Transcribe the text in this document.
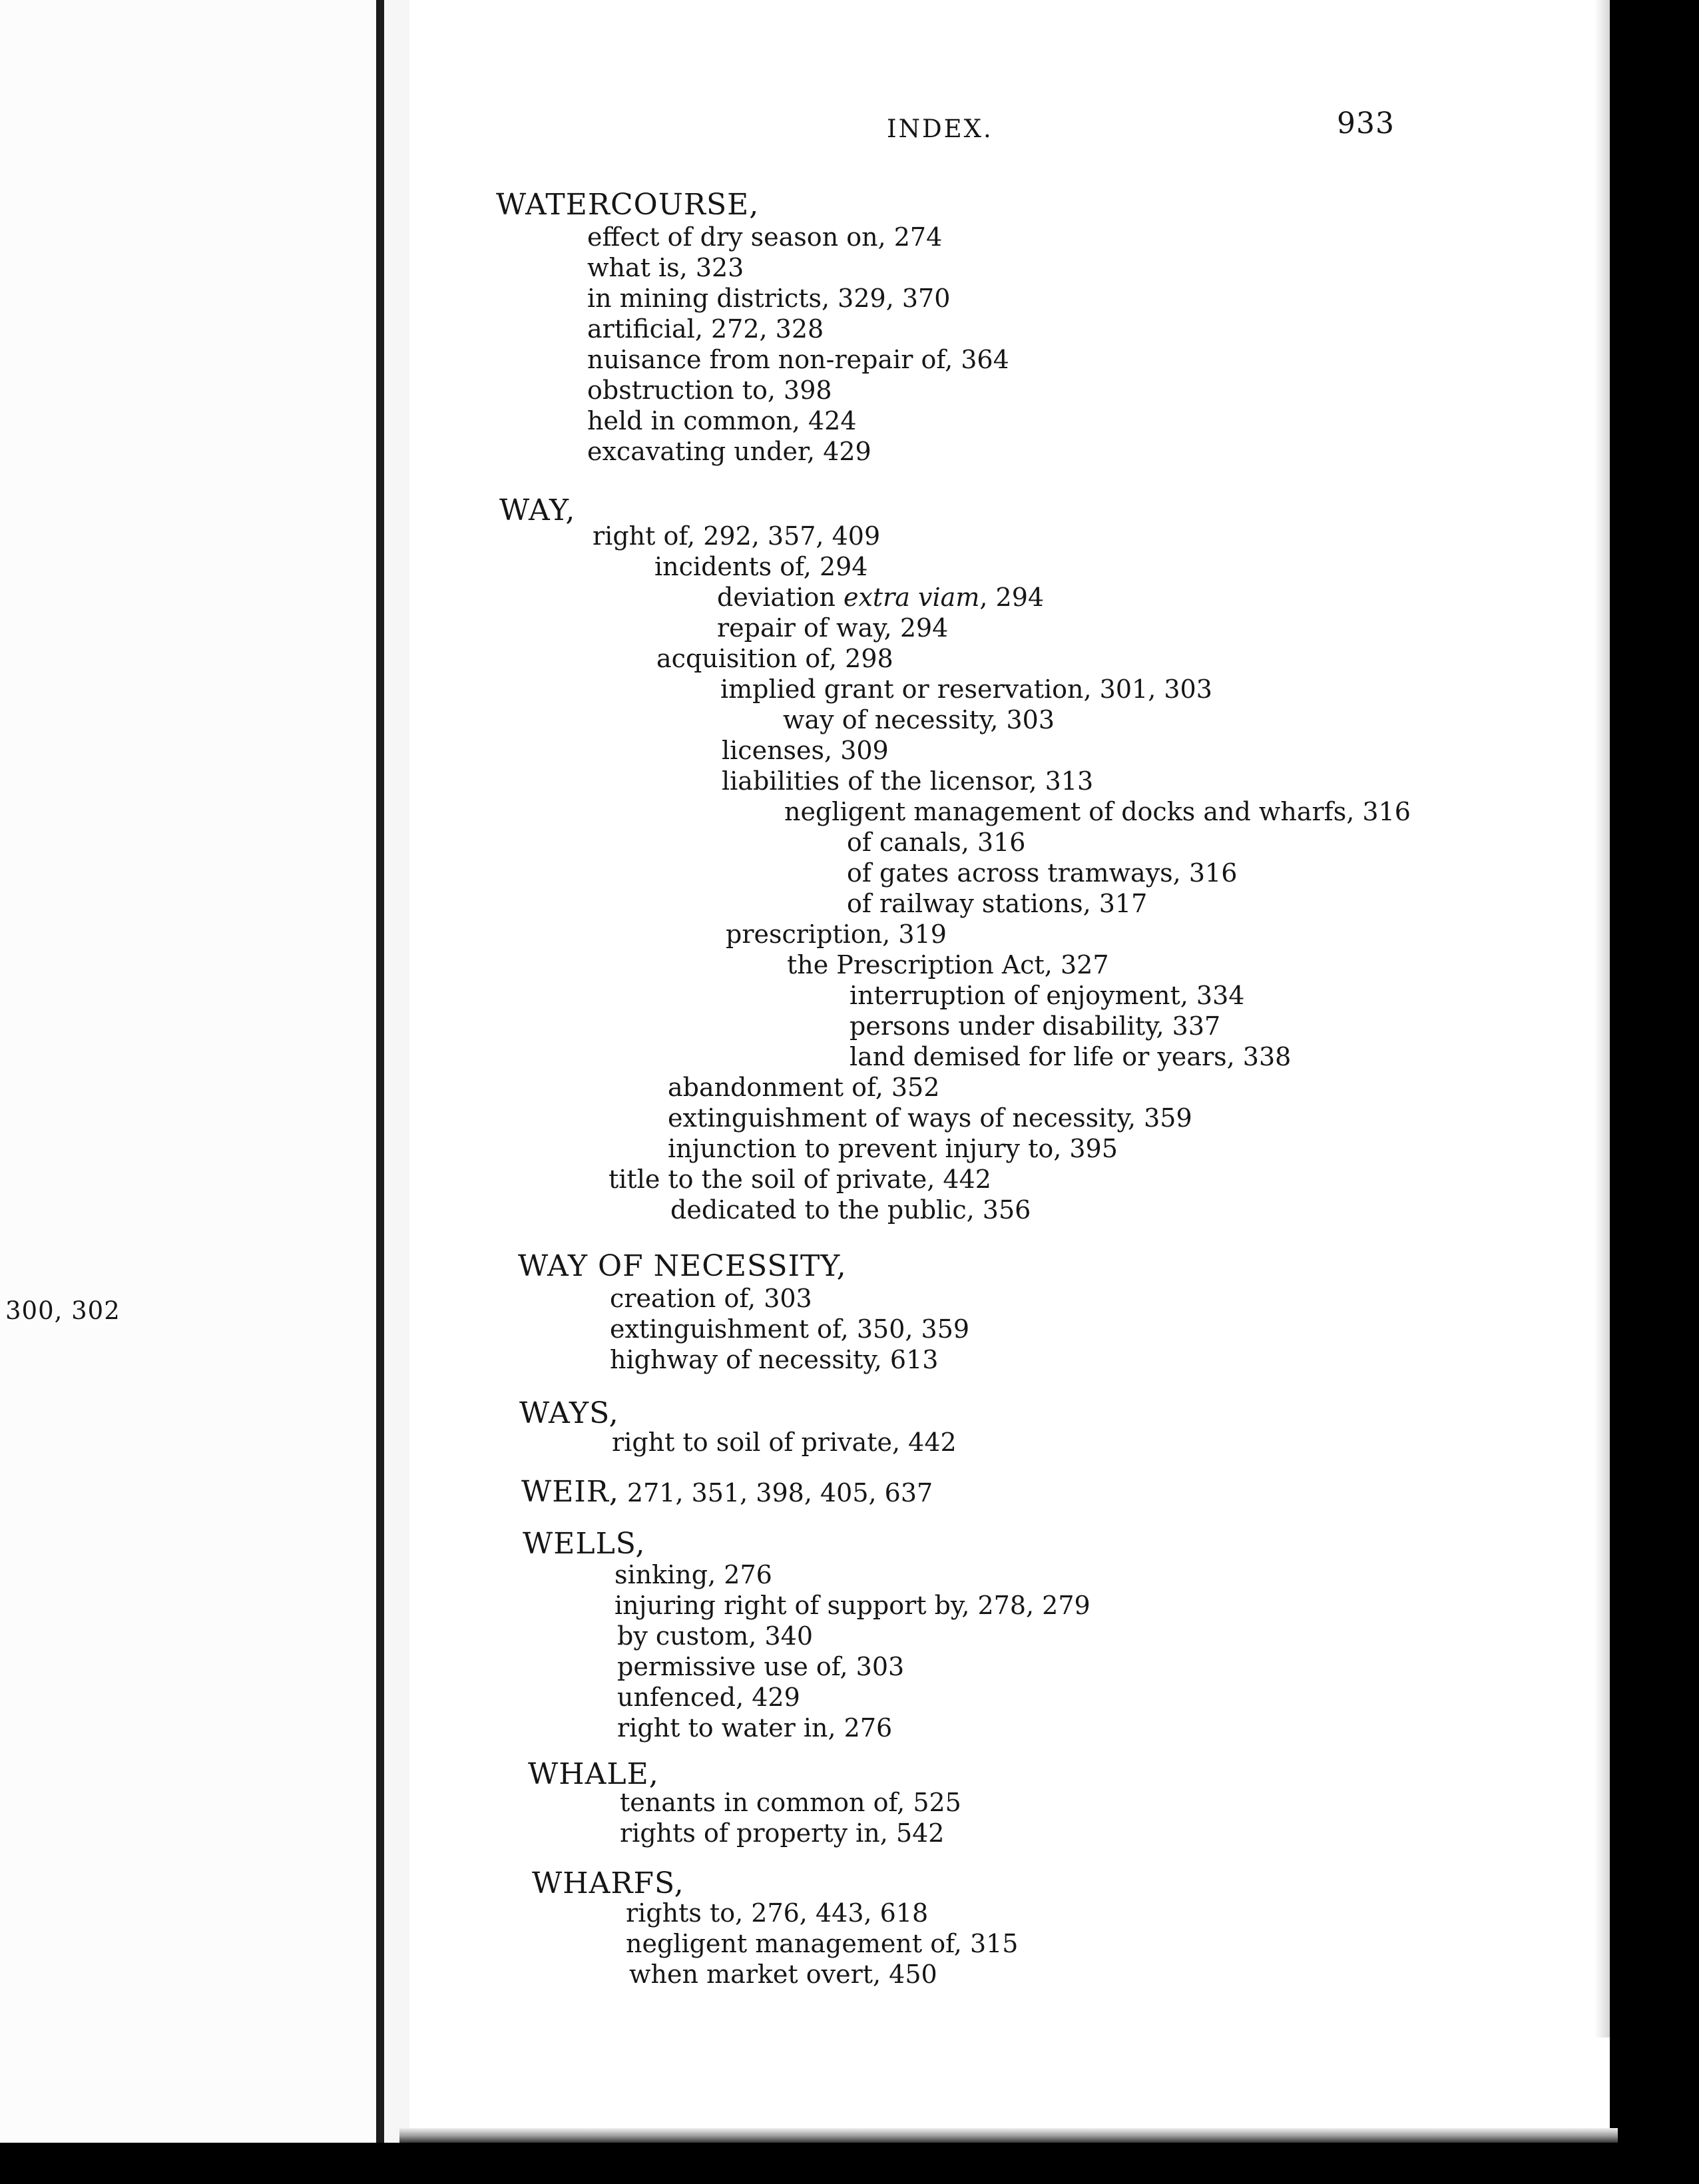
300, 302
INDEX.	933
WATERCOURSE,
effect of dry season on, 274
what is, 323
in mining districts, 329, 370
artificial, 272, 328
nuisance from non-repair of, 364
obstruction to, 398
held in common, 424
excavating under, 429
WAY,
right of, 292, 357, 409
incidents of, 294
deviation extra viam, 294
repair of way, 294
acquisition of, 298
implied grant or reservation, 301, 303
way of necessity, 303
licenses, 309
liabilities of the licensor, 313
negligent management of docks and wharfs, 316
of canals, 316
of gates across tramways, 316
of railway stations, 317
prescription, 319
the Prescription Act, 327
interruption of enjoyment, 334
persons under disability, 337
land demised for life or years, 338
abandonment of, 352
extinguishment of ways of necessity, 359
injunction to prevent injury to, 395
title to the soil of private, 442
dedicated to the public, 356
WAY OF NECESSITY,
creation of, 303
extinguishment of, 350, 359
highway of necessity, 613
WAYS,
right to soil of private, 442
WEIR, 271, 351, 398, 405, 637
WELLS,
sinking, 276
injuring right of support by, 278, 279
by custom, 340
permissive use of, 303
unfenced, 429
right to water in, 276
WHALE,
tenants in common of, 525
rights of property in, 542
WHARFS,
rights to, 276, 443, 618
negligent management of, 315
when market overt, 450
